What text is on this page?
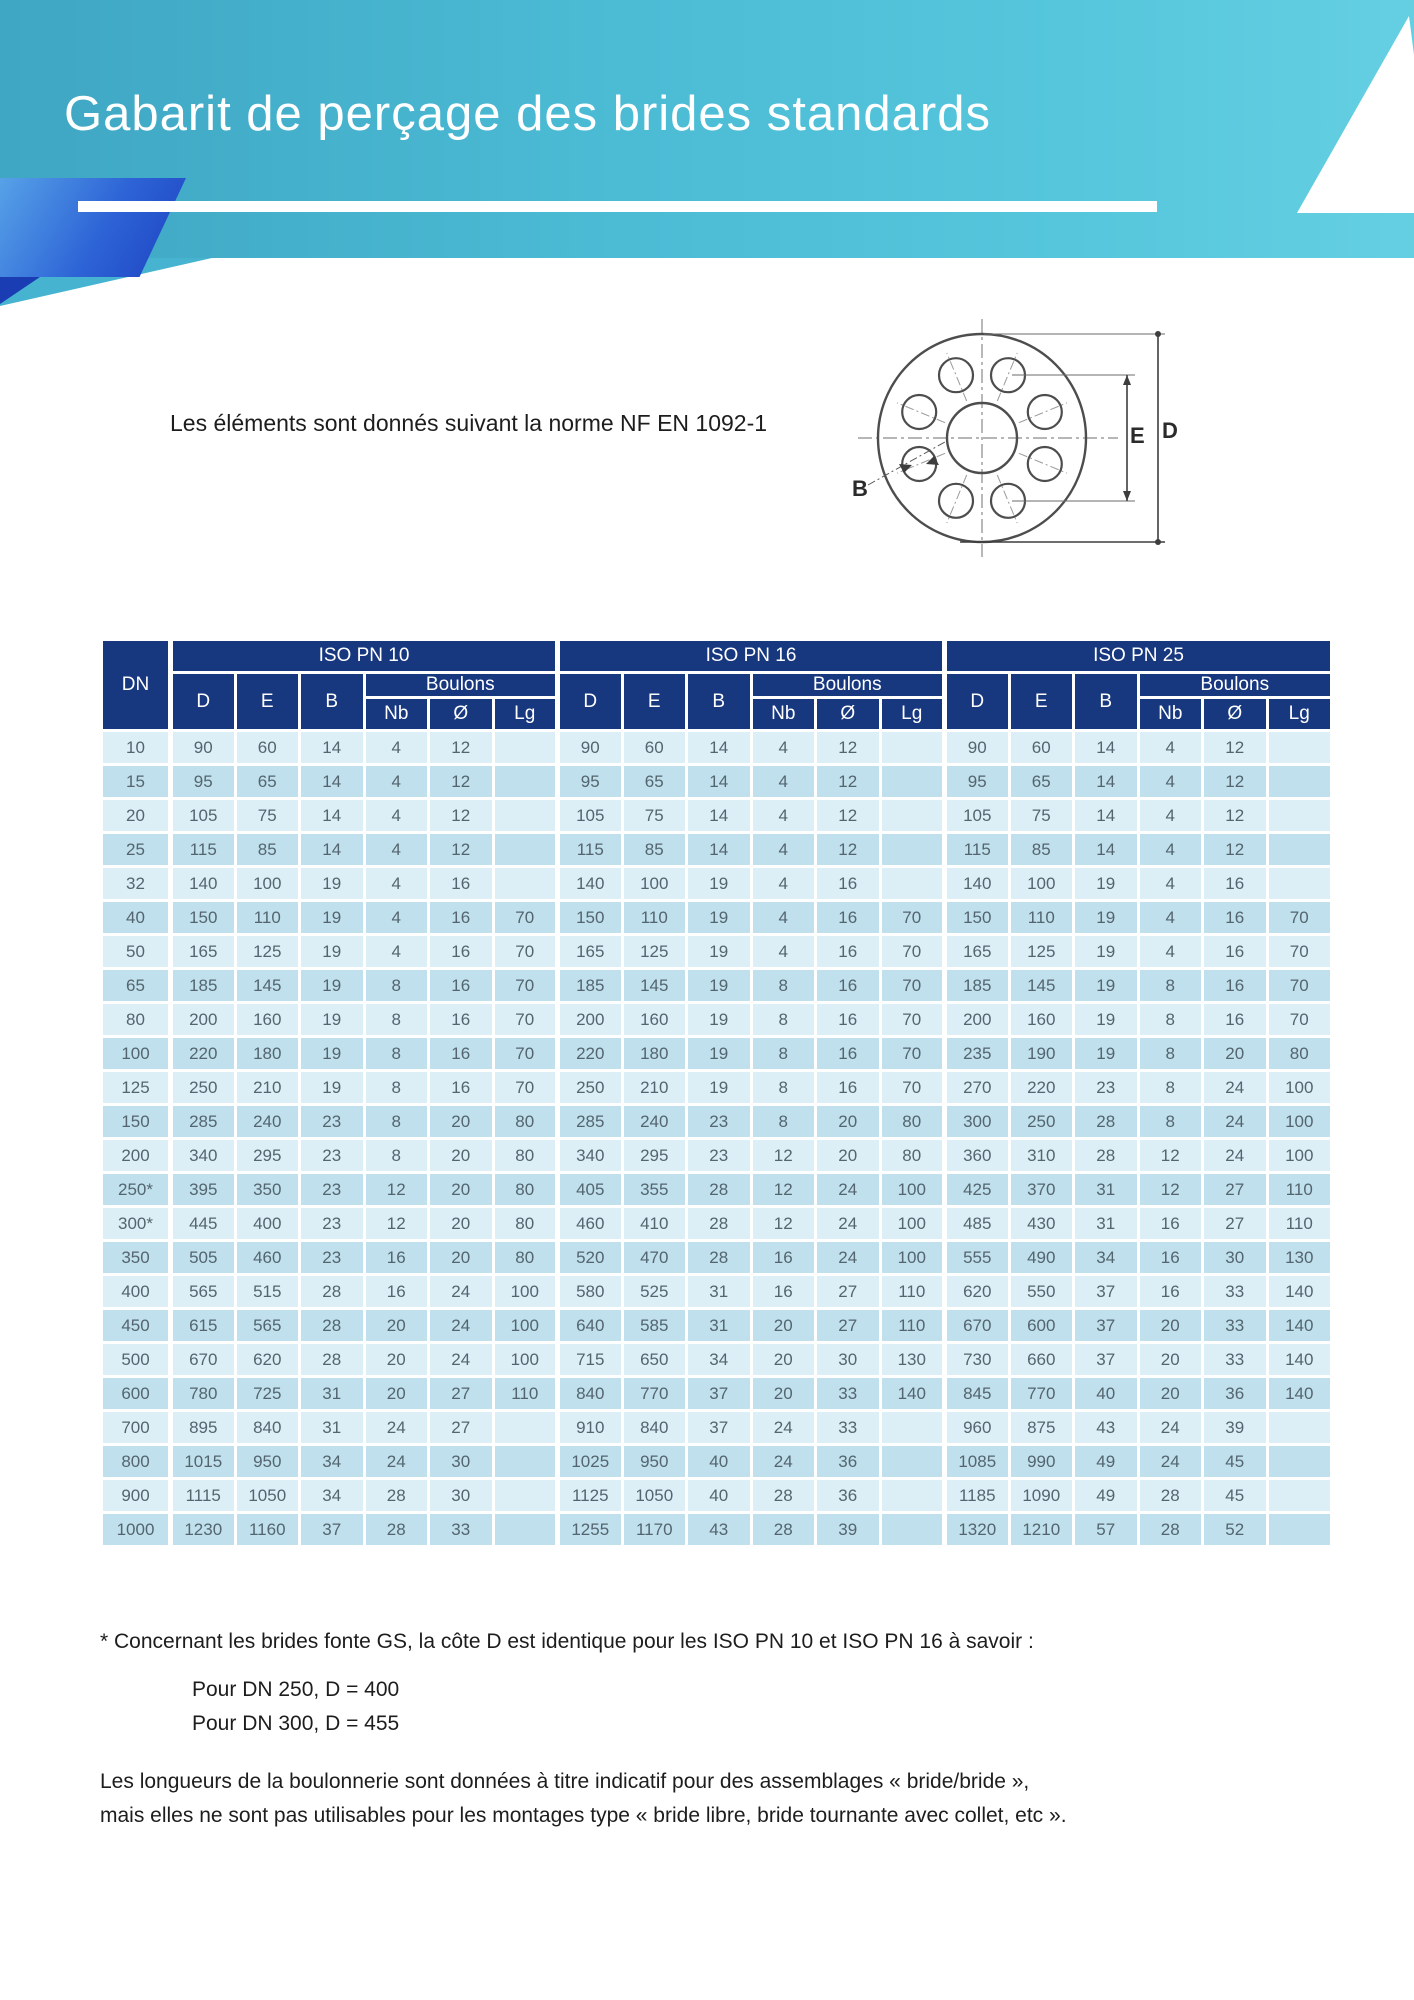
Gabarit de perçage des brides standards
Les éléments sont donnés suivant la norme NF EN 1092-1	E D
B
DN	ISO PN 10						ISO PN 16						ISO PN 25					
	D	E	B	Boulons			D	E	B	Boulons			D	E	B	Boulons		
				Nb	Ø	Lg				Nb	Ø	Lg				Nb	Ø	Lg
10	90	60	14	4	12		90	60	14	4	12		90	60	14	4	12	
15	95	65	14	4	12		95	65	14	4	12		95	65	14	4	12	
20	105	75	14	4	12		105	75	14	4	12		105	75	14	4	12	
25	115	85	14	4	12		115	85	14	4	12		115	85	14	4	12	
32	140	100	19	4	16		140	100	19	4	16		140	100	19	4	16	
40	150	110	19	4	16	70	150	110	19	4	16	70	150	110	19	4	16	70
50	165	125	19	4	16	70	165	125	19	4	16	70	165	125	19	4	16	70
65	185	145	19	8	16	70	185	145	19	8	16	70	185	145	19	8	16	70
80	200	160	19	8	16	70	200	160	19	8	16	70	200	160	19	8	16	70
100	220	180	19	8	16	70	220	180	19	8	16	70	235	190	19	8	20	80
125	250	210	19	8	16	70	250	210	19	8	16	70	270	220	23	8	24	100
150	285	240	23	8	20	80	285	240	23	8	20	80	300	250	28	8	24	100
200	340	295	23	8	20	80	340	295	23	12	20	80	360	310	28	12	24	100
250*	395	350	23	12	20	80	405	355	28	12	24	100	425	370	31	12	27	110
300*	445	400	23	12	20	80	460	410	28	12	24	100	485	430	31	16	27	110
350	505	460	23	16	20	80	520	470	28	16	24	100	555	490	34	16	30	130
400	565	515	28	16	24	100	580	525	31	16	27	110	620	550	37	16	33	140
450	615	565	28	20	24	100	640	585	31	20	27	110	670	600	37	20	33	140
500	670	620	28	20	24	100	715	650	34	20	30	130	730	660	37	20	33	140
600	780	725	31	20	27	110	840	770	37	20	33	140	845	770	40	20	36	140
700	895	840	31	24	27		910	840	37	24	33		960	875	43	24	39	
800	1015	950	34	24	30		1025	950	40	24	36		1085	990	49	24	45	
900	1115	1050	34	28	30		1125	1050	40	28	36		1185	1090	49	28	45	
1000	1230	1160	37	28	33		1255	1170	43	28	39		1320	1210	57	28	52	
* Concernant les brides fonte GS, la côte D est identique pour les ISO PN 10 et ISO PN 16 à savoir :
Pour DN 250, D = 400
Pour DN 300, D = 455
Les longueurs de la boulonnerie sont données à titre indicatif pour des assemblages « bride/bride »,
mais elles ne sont pas utilisables pour les montages type « bride libre, bride tournante avec collet, etc ».
